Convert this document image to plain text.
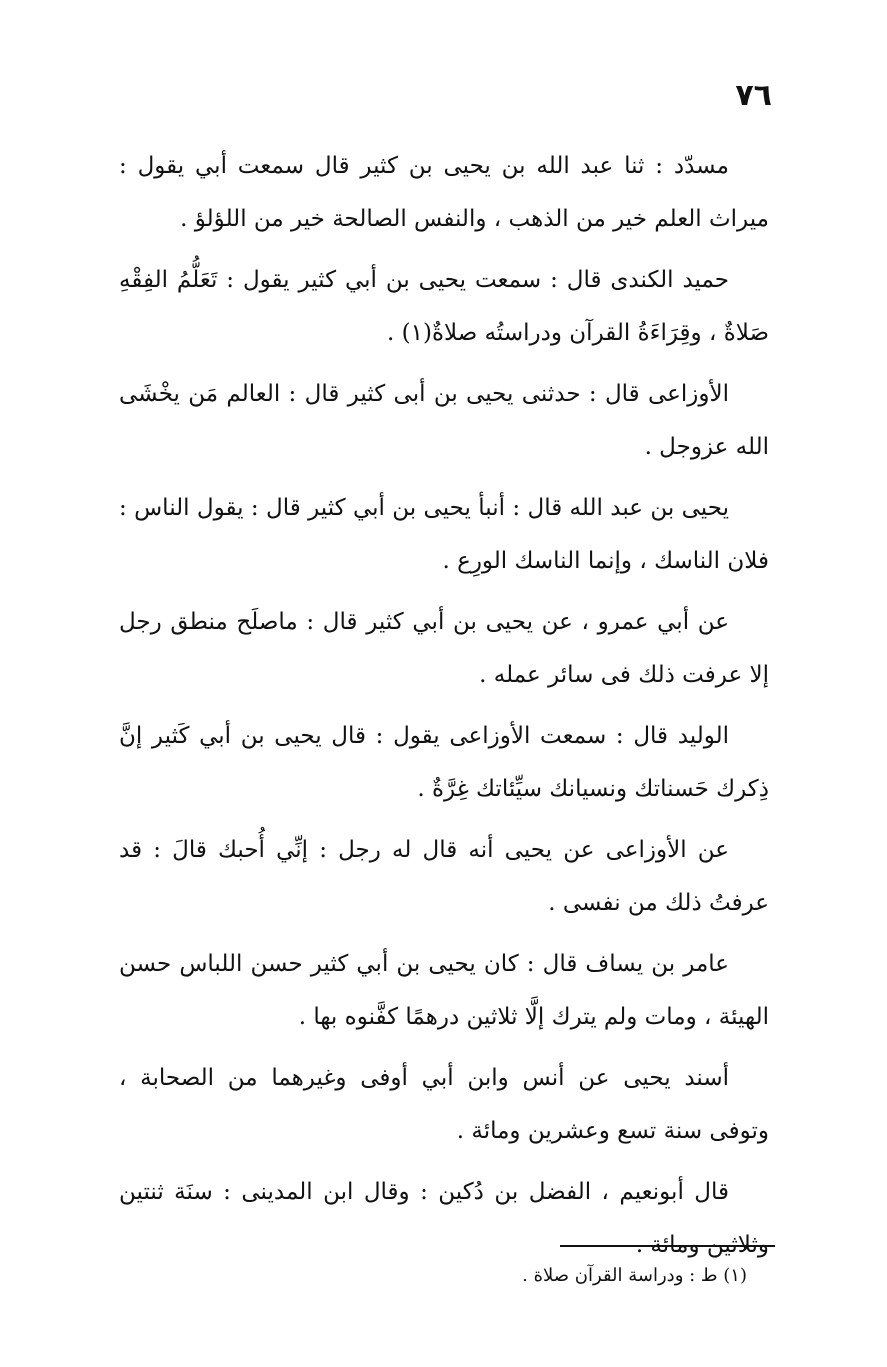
٧٦

مسدّد : ثنا عبد الله بن يحيى بن كثير قال سمعت أبي يقول : ميراث العلم خير من الذهب ، والنفس الصالحة خير من اللؤلؤ .

حميد الكندى قال : سمعت يحيى بن أبي كثير يقول : تَعَلُّمُ الفِقْهِ صَلاةٌ ، وقِرَاءَةُ القرآن ودراستُه صلاةٌ(١) .

الأوزاعى قال : حدثنى يحيى بن أبى كثير قال : العالم مَن يخْشَى الله عزوجل .

يحيى بن عبد الله قال : أنبأ يحيى بن أبي كثير قال : يقول الناس : فلان الناسك ، وإنما الناسك الورِع .

عن أبي عمرو ، عن يحيى بن أبي كثير قال : ماصلَح منطق رجل إلا عرفت ذلك فى سائر عمله .

الوليد قال : سمعت الأوزاعى يقول : قال يحيى بن أبي كَثير إنَّ ذِكرك حَسناتك ونسيانك سيِّئاتك غِرَّةٌ .

عن الأوزاعى عن يحيى أنه قال له رجل : إنِّي أُحبك قالَ : قد عرفتُ ذلك من نفسى .

عامر بن يساف قال : كان يحيى بن أبي كثير حسن اللباس حسن الهيئة ، ومات ولم يترك إلَّا ثلاثين درهمًا كفَّنوه بها .

أسند يحيى عن أنس وابن أبي أوفى وغيرهما من الصحابة ، وتوفى سنة تسع وعشرين ومائة .

قال أبونعيم ، الفضل بن دُكين : وقال ابن المدينى : سنَة ثنتين وثلاثين ومائة .

(١) ط : ودراسة القرآن صلاة .
